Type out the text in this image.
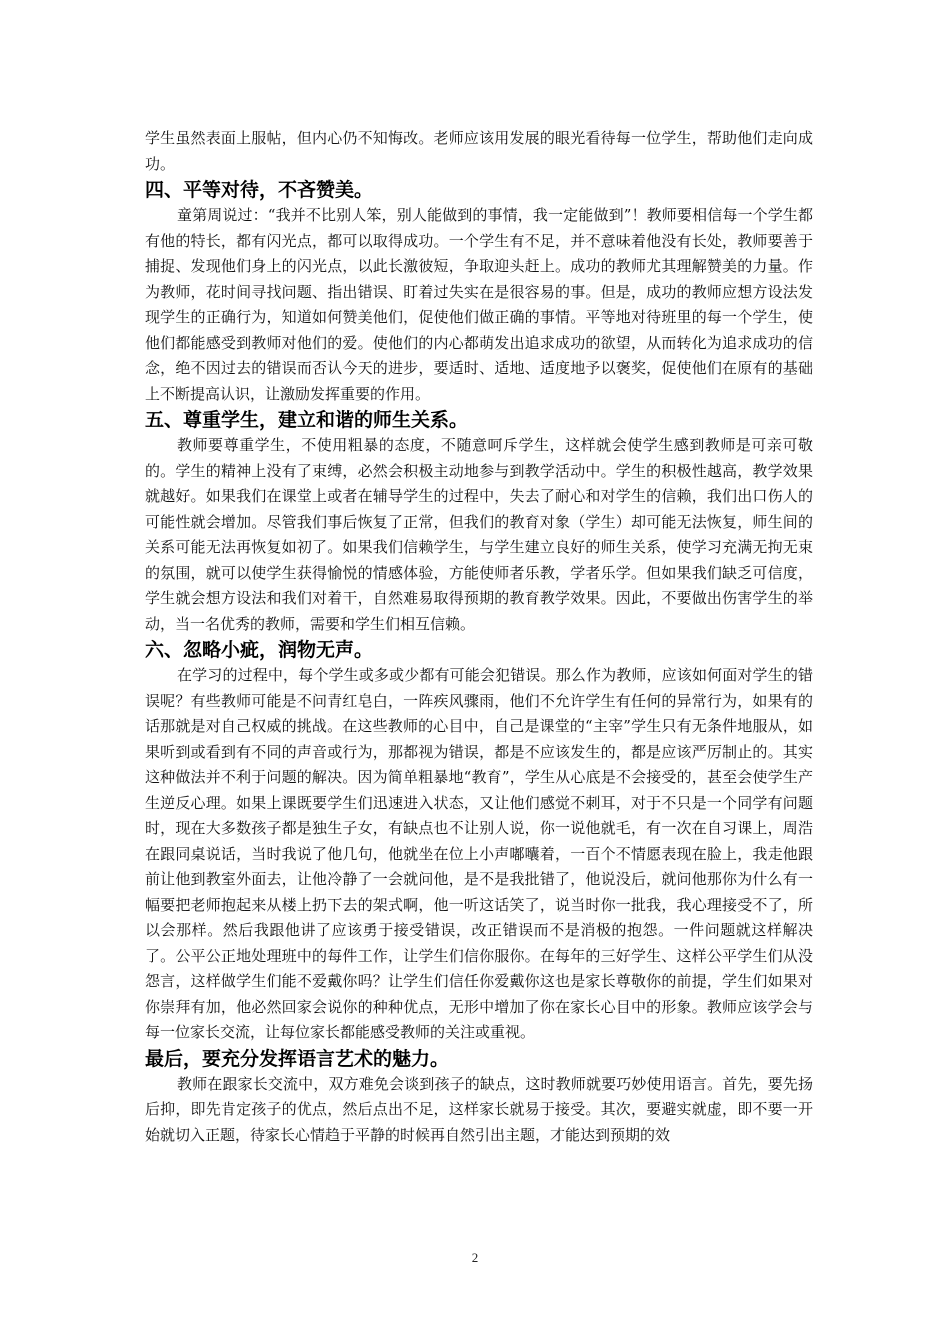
学生虽然表面上服帖，但内心仍不知悔改。老师应该用发展的眼光看待每一位学生，帮助他们走向成功。

四、平等对待，不吝赞美。

童第周说过：“我并不比别人笨，别人能做到的事情，我一定能做到”！教师要相信每一个学生都有他的特长，都有闪光点，都可以取得成功。一个学生有不足，并不意味着他没有长处，教师要善于捕捉、发现他们身上的闪光点，以此长激彼短，争取迎头赶上。成功的教师尤其理解赞美的力量。作为教师，花时间寻找问题、指出错误、盯着过失实在是很容易的事。但是，成功的教师应想方设法发现学生的正确行为，知道如何赞美他们，促使他们做正确的事情。平等地对待班里的每一个学生，使他们都能感受到教师对他们的爱。使他们的内心都萌发出追求成功的欲望，从而转化为追求成功的信念，绝不因过去的错误而否认今天的进步，要适时、适地、适度地予以褒奖，促使他们在原有的基础上不断提高认识，让激励发挥重要的作用。

五、尊重学生，建立和谐的师生关系。

教师要尊重学生，不使用粗暴的态度，不随意呵斥学生，这样就会使学生感到教师是可亲可敬的。学生的精神上没有了束缚，必然会积极主动地参与到教学活动中。学生的积极性越高，教学效果就越好。如果我们在课堂上或者在辅导学生的过程中，失去了耐心和对学生的信赖，我们出口伤人的可能性就会增加。尽管我们事后恢复了正常，但我们的教育对象（学生）却可能无法恢复，师生间的关系可能无法再恢复如初了。如果我们信赖学生，与学生建立良好的师生关系，使学习充满无拘无束的氛围，就可以使学生获得愉悦的情感体验，方能使师者乐教，学者乐学。但如果我们缺乏可信度，学生就会想方设法和我们对着干，自然难易取得预期的教育教学效果。因此，不要做出伤害学生的举动，当一名优秀的教师，需要和学生们相互信赖。

六、忽略小疵，润物无声。

在学习的过程中，每个学生或多或少都有可能会犯错误。那么作为教师，应该如何面对学生的错误呢？有些教师可能是不问青红皂白，一阵疾风骤雨，他们不允许学生有任何的异常行为，如果有的话那就是对自己权威的挑战。在这些教师的心目中，自己是课堂的“主宰”学生只有无条件地服从，如果听到或看到有不同的声音或行为，那都视为错误，都是不应该发生的，都是应该严厉制止的。其实这种做法并不利于问题的解决。因为简单粗暴地“教育”，学生从心底是不会接受的，甚至会使学生产生逆反心理。如果上课既要学生们迅速进入状态，又让他们感觉不刺耳，对于不只是一个同学有问题时，现在大多数孩子都是独生子女，有缺点也不让别人说，你一说他就毛，有一次在自习课上，周浩在跟同桌说话，当时我说了他几句，他就坐在位上小声嘟囔着，一百个不情愿表现在脸上，我走他跟前让他到教室外面去，让他冷静了一会就问他，是不是我批错了，他说没后，就问他那你为什么有一幅要把老师抱起来从楼上扔下去的架式啊，他一听这话笑了，说当时你一批我，我心理接受不了，所以会那样。然后我跟他讲了应该勇于接受错误，改正错误而不是消极的抱怨。一件问题就这样解决了。公平公正地处理班中的每件工作，让学生们信你服你。在每年的三好学生、这样公平学生们从没怨言，这样做学生们能不爱戴你吗？让学生们信任你爱戴你这也是家长尊敬你的前提，学生们如果对你崇拜有加，他必然回家会说你的种种优点，无形中增加了你在家长心目中的形象。教师应该学会与每一位家长交流，让每位家长都能感受教师的关注或重视。

最后，要充分发挥语言艺术的魅力。

教师在跟家长交流中，双方难免会谈到孩子的缺点，这时教师就要巧妙使用语言。首先，要先扬后抑，即先肯定孩子的优点，然后点出不足，这样家长就易于接受。其次，要避实就虚，即不要一开始就切入正题，待家长心情趋于平静的时候再自然引出主题，才能达到预期的效

2
